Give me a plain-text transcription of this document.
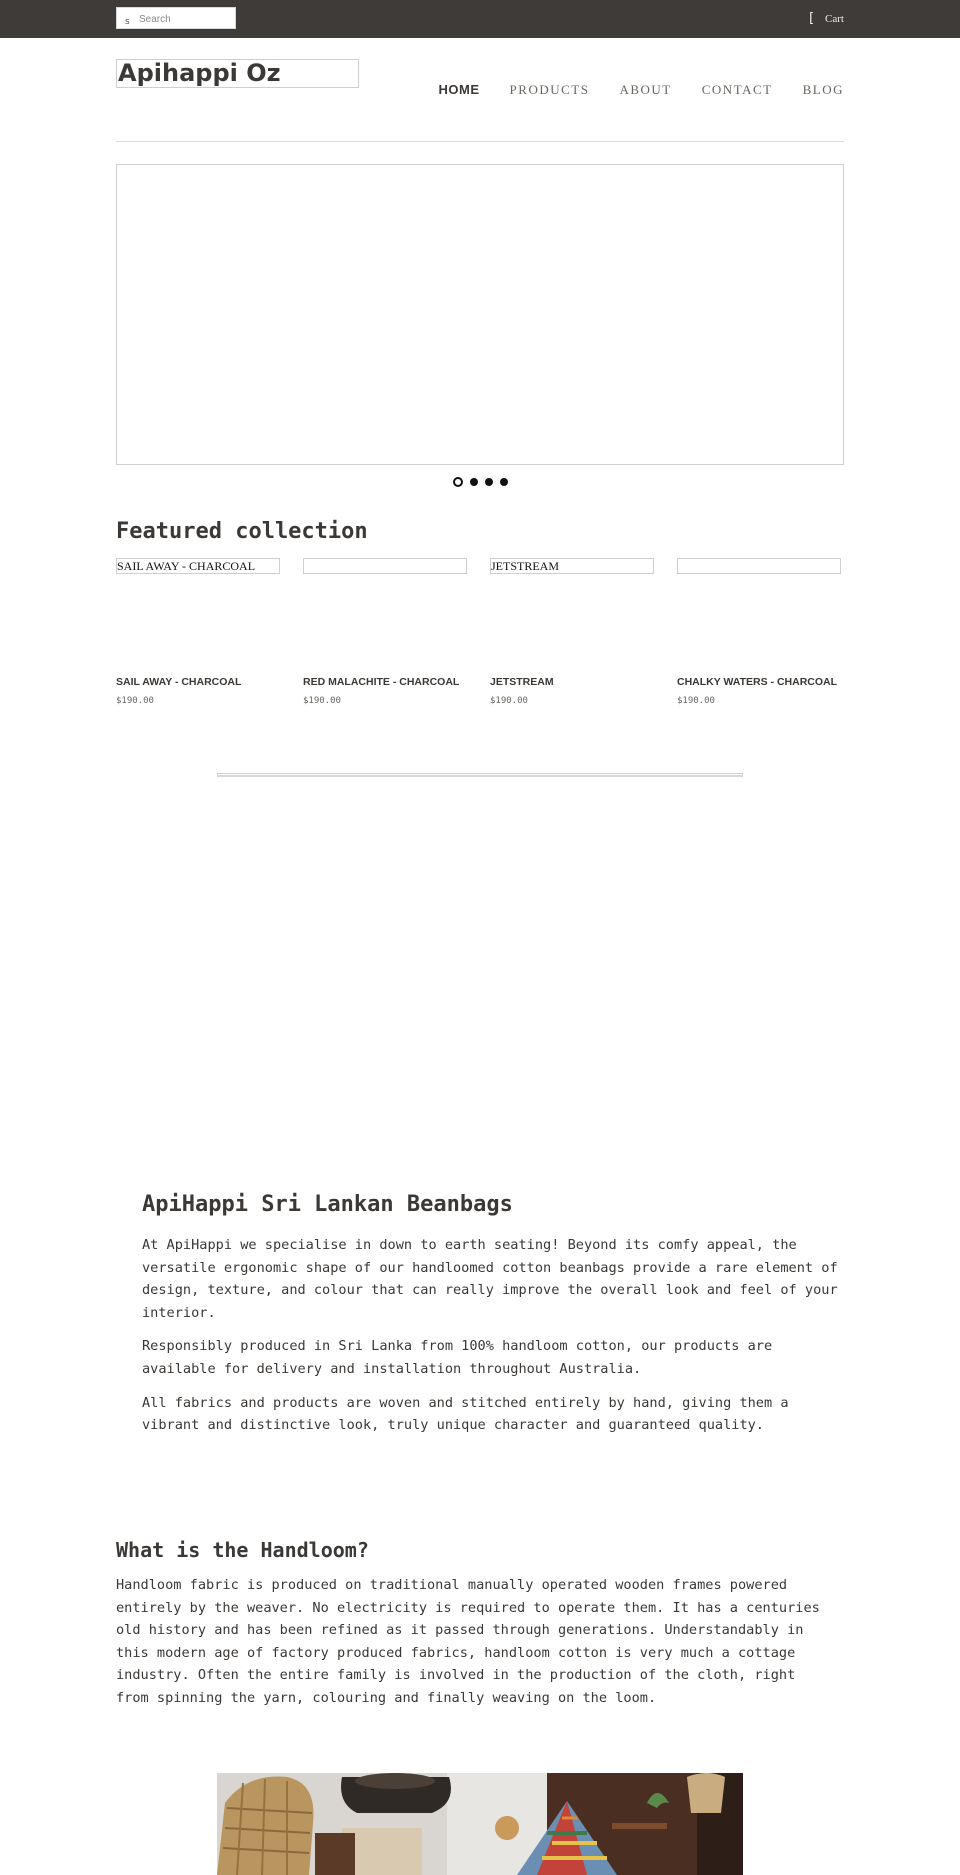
s
Search	[ Cart
Apihappi Oz
HOME PRODUCTS ABOUT CONTACT BLOG
Featured collection
SAIL AWAY - CHARCOAL
SAIL AWAY - CHARCOAL
$190.00
RED MALACHITE - CHARCOAL
$190.00
JETSTREAM
JETSTREAM
$190.00
CHALKY WATERS - CHARCOAL
$190.00
ApiHappi Sri Lankan Beanbags

At ApiHappi we specialise in down to earth seating! Beyond its comfy appeal, the versatile ergonomic shape of our handloomed cotton beanbags provide a rare element of design, texture, and colour that can really improve the overall look and feel of your interior.

Responsibly produced in Sri Lanka from 100% handloom cotton, our products are available for delivery and installation throughout Australia.

All fabrics and products are woven and stitched entirely by hand, giving them a vibrant and distinctive look, truly unique character and guaranteed quality.

What is the Handloom?

Handloom fabric is produced on traditional manually operated wooden frames powered entirely by the weaver. No electricity is required to operate them. It has a centuries old history and has been refined as it passed through generations. Understandably in this modern age of factory produced fabrics, handloom cotton is very much a cottage industry. Often the entire family is involved in the production of the cloth, right from spinning the yarn, colouring and finally weaving on the loom.
